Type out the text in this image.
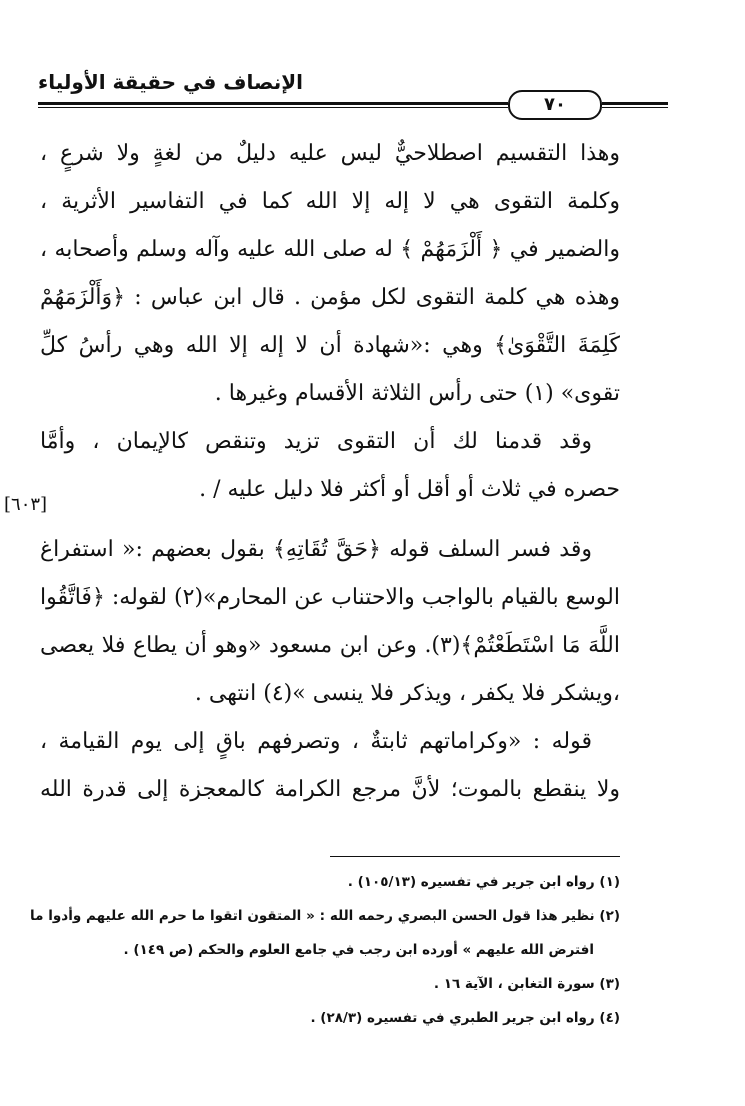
الإنصاف في حقيقة الأولياء
٧٠
وهذا التقسيم اصطلاحيٌّ ليس عليه دليلٌ من لغةٍ ولا شرعٍ ،
وكلمة التقوى هي لا إله إلا الله كما في التفاسير الأثرية ،
والضمير في ﴿ أَلْزَمَهُمْ ﴾ له صلى الله عليه وآله وسلم وأصحابه ،
وهذه هي كلمة التقوى لكل مؤمن . قال ابن عباس : ﴿وَأَلْزَمَهُمْ
كَلِمَةَ التَّقْوَىٰ﴾ وهي :«شهادة أن لا إله إلا الله وهي رأسُ كلِّ
تقوى» (١) حتى رأس الثلاثة الأقسام وغيرها .
وقد قدمنا لك أن التقوى تزيد وتنقص كالإيمان ، وأمَّا
حصره في ثلاث أو أقل أو أكثر فلا دليل عليه / .
وقد فسر السلف قوله ﴿حَقَّ تُقَاتِهِ﴾ بقول بعضهم :« استفراغ
الوسع بالقيام بالواجب والاحتناب عن المحارم»(٢) لقوله: ﴿فَاتَّقُوا
اللَّهَ مَا اسْتَطَعْتُمْ﴾(٣). وعن ابن مسعود «وهو أن يطاع فلا يعصى
،ويشكر فلا يكفر ، ويذكر فلا ينسى »(٤) انتهى .
قوله : «وكراماتهم ثابتةٌ ، وتصرفهم باقٍ إلى يوم القيامة ،
ولا ينقطع بالموت؛ لأنَّ مرجع الكرامة كالمعجزة إلى قدرة الله
[٦٠٣]
(١) رواه ابن جرير في تفسيره (١٠٥/١٣) .
(٢) نظير هذا قول الحسن البصري رحمه الله : « المتقون اتقوا ما حرم الله عليهم وأدوا ما
افترض الله عليهم » أورده ابن رجب في جامع العلوم والحكم (ص ١٤٩) .
(٣) سورة التغابن ، الآية ١٦ .
(٤) رواه ابن جرير الطبري في تفسيره (٢٨/٣) .
